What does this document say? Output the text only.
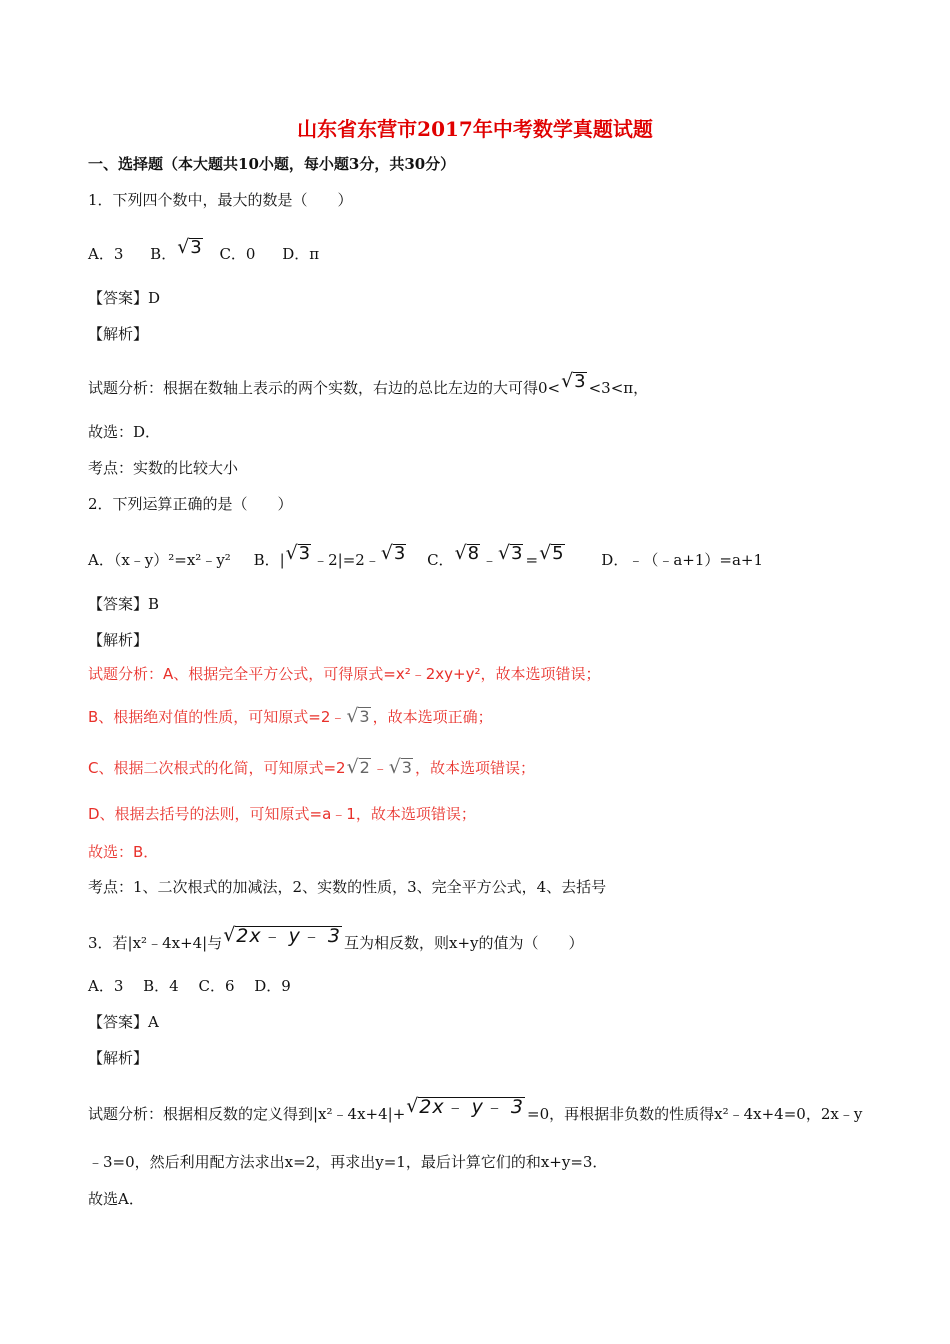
山东省东营市2017年中考数学真题试题
一、选择题（本大题共10小题，每小题3分，共30分）
1．下列四个数中，最大的数是（　　）
A．3 B． √ 3 C．0 D．π
【答案】D
【解析】
试题分析：根据在数轴上表示的两个实数，右边的总比左边的大可得0< √ 3 <3<π，
故选：D．
考点：实数的比较大小
2．下列运算正确的是（　　）
A．（x﹣y）²=x²﹣y² B．| √ 3 ﹣2|=2﹣ √ 3 C． √ 8 ﹣ √ 3 = √ 5	D．﹣（﹣a+1）=a+1
【答案】B
【解析】
试题分析：A、根据完全平方公式，可得原式=x²﹣2xy+y²，故本选项错误；
B、根据绝对值的性质，可知原式=2﹣ √ 3 ，故本选项正确；
C、根据二次根式的化简，可知原式=2 √ 2 ﹣ √ 3 ，故本选项错误；
D、根据去括号的法则，可知原式=a﹣1，故本选项错误；
故选：B．
考点：1、二次根式的加减法，2、实数的性质，3、完全平方公式，4、去括号
3．若|x²﹣4x+4|与 √ 2x﹣ y﹣ 3 互为相反数，则x+y的值为（　　）
A．3　 B．4　 C．6　 D．9
【答案】A
【解析】
试题分析：根据相反数的定义得到|x²﹣4x+4|+ √ 2x﹣ y﹣ 3 =0，再根据非负数的性质得x²﹣4x+4=0，2x﹣y
﹣3=0，然后利用配方法求出x=2，再求出y=1，最后计算它们的和x+y=3．
故选A．
